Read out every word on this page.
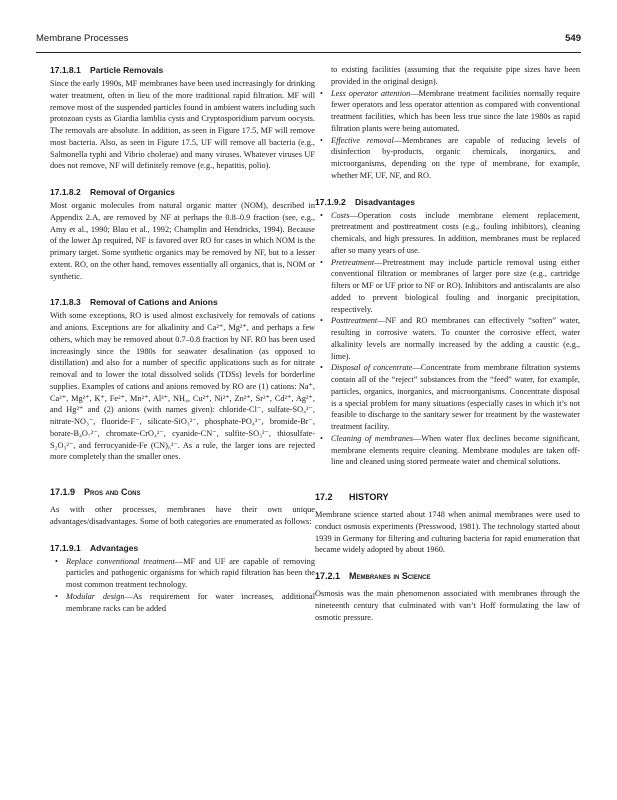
Membrane Processes	549
17.1.8.1 Particle Removals

Since the early 1990s, MF membranes have been used increasingly for drinking water treatment, often in lieu of the more traditional rapid filtration. MF will remove most of the suspended particles found in ambient waters including such protozoan cysts as Giardia lamblia cysts and Cryptosporidium parvum oocysts. The removals are absolute. In addition, as seen in Figure 17.5, MF will remove most bacteria. Also, as seen in Figure 17.5, UF will remove all bacteria (e.g., Salmonella typhi and Vibrio cholerae) and many viruses. Whatever viruses UF does not remove, NF will definitely remove (e.g., hepatitis, polio).

17.1.8.2 Removal of Organics

Most organic molecules from natural organic matter (NOM), described in Appendix 2.A, are removed by NF at perhaps the 0.8–0.9 fraction (see, e.g., Amy et al., 1990; Blau et al., 1992; Champlin and Hendricks, 1994). Because of the lower Δp required, NF is favored over RO for cases in which NOM is the primary target. Some synthetic organics may be removed by NF, but to a lesser extent. RO, on the other hand, removes essentially all organics, that is, NOM or synthetic.

17.1.8.3 Removal of Cations and Anions

With some exceptions, RO is used almost exclusively for removals of cations and anions. Exceptions are for alkalinity and Ca²⁺, Mg²⁺, and perhaps a few others, which may be removed about 0.7–0.8 fraction by NF. RO has been used increasingly since the 1980s for seawater desalination (as opposed to distillation) and also for a number of specific applications such as for nitrate removal and to lower the total dissolved solids (TDSs) levels for borderline supplies. Examples of cations and anions removed by RO are (1) cations: Na⁺, Ca²⁺, Mg²⁺, K⁺, Fe²⁺, Mn²⁺, Al³⁺, NH₄, Cu²⁺, Ni²⁺, Zn²⁺, Sr²⁺, Cd²⁺, Ag²⁺, and Hg²⁺ and (2) anions (with names given): chloride-Cl⁻, sulfate-SO₄²⁻, nitrate-NO₃⁻, fluoride-F⁻, silicate-SiO₃²⁻, phosphate-PO₄³⁻, bromide-Br⁻, borate-B₄O₇²⁻, chromate-CrO₄²⁻, cyanide-CN⁻, sulfite-SO₃²⁻, thiosulfate-S₂O₃²⁻, and ferrocyanide-Fe (CN)₆³⁻. As a rule, the larger ions are rejected more completely than the smaller ones.

17.1.9 Pros and Cons

As with other processes, membranes have their own unique advantages/disadvantages. Some of both categories are enumerated as follows:

17.1.9.1 Advantages
• Replace conventional treatment—MF and UF are capable of removing particles and pathogenic organisms for which rapid filtration has been the most common treatment technology.
• Modular design—As requirement for water increases, additional membrane racks can be added

to existing facilities (assuming that the requisite pipe sizes have been provided in the original design).

• Less operator attention—Membrane treatment facilities normally require fewer operators and less operator attention as compared with conventional treatment facilities, which has been less true since the late 1980s as rapid filtration plants were being automated.
• Effective removal—Membranes are capable of reducing levels of disinfection by-products, organic chemicals, inorganics, and microorganisms, depending on the type of membrane, for example, whether MF, UF, NF, and RO.
17.1.9.2 Disadvantages
• Costs—Operation costs include membrane element replacement, pretreatment and posttreatment costs (e.g., fouling inhibitors), cleaning chemicals, and high pressures. In addition, membranes must be replaced after so many years of use.
• Pretreatment—Pretreatment may include particle removal using either conventional filtration or membranes of larger pore size (e.g., cartridge filters or MF or UF prior to NF or RO). Inhibitors and antiscalants are also added to prevent biological fouling and inorganic precipitation, respectively.
• Posttreatment—NF and RO membranes can effectively “soften” water, resulting in corrosive waters. To counter the corrosive effect, water alkalinity levels are normally increased by the adding a caustic (e.g., lime).
• Disposal of concentrate—Concentrate from membrane filtration systems contain all of the “reject” substances from the “feed” water, for example, particles, organics, inorganics, and microorganisms. Concentrate disposal is a special problem for many situations (especially cases in which it’s not feasible to discharge to the sanitary sewer for treatment by the wastewater treatment facility.
• Cleaning of membranes—When water flux declines become significant, membrane elements require cleaning. Membrane modules are taken off-line and cleaned using stored permeate water and chemical solutions.
17.2 HISTORY

Membrane science started about 1748 when animal membranes were used to conduct osmosis experiments (Presswood, 1981). The technology started about 1939 in Germany for filtering and culturing bacteria for rapid enumeration that became widely adopted by about 1960.

17.2.1 Membranes in Science

Osmosis was the main phenomenon associated with membranes through the nineteenth century that culminated with van’t Hoff formulating the law of osmotic pressure.
